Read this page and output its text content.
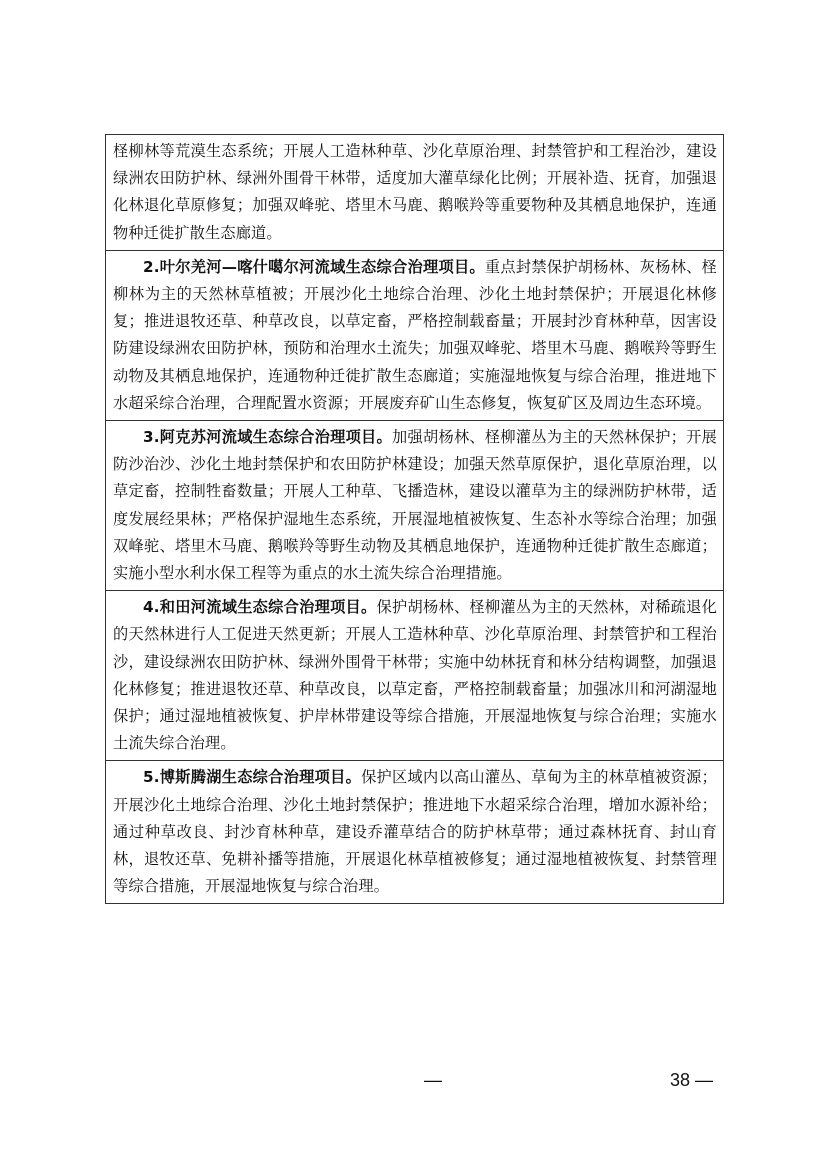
柽柳林等荒漠生态系统；开展人工造林种草、沙化草原治理、封禁管护和工程治沙，建设绿洲农田防护林、绿洲外围骨干林带，适度加大灌草绿化比例；开展补造、抚育，加强退化林退化草原修复；加强双峰驼、塔里木马鹿、鹅喉羚等重要物种及其栖息地保护，连通物种迁徙扩散生态廊道。
2.叶尔羌河—喀什噶尔河流域生态综合治理项目。重点封禁保护胡杨林、灰杨林、柽柳林为主的天然林草植被；开展沙化土地综合治理、沙化土地封禁保护；开展退化林修复；推进退牧还草、种草改良，以草定畜，严格控制载畜量；开展封沙育林种草，因害设防建设绿洲农田防护林，预防和治理水土流失；加强双峰驼、塔里木马鹿、鹅喉羚等野生动物及其栖息地保护，连通物种迁徙扩散生态廊道；实施湿地恢复与综合治理，推进地下水超采综合治理，合理配置水资源；开展废弃矿山生态修复，恢复矿区及周边生态环境。
3.阿克苏河流域生态综合治理项目。加强胡杨林、柽柳灌丛为主的天然林保护；开展防沙治沙、沙化土地封禁保护和农田防护林建设；加强天然草原保护，退化草原治理，以草定畜，控制牲畜数量；开展人工种草、飞播造林，建设以灌草为主的绿洲防护林带，适度发展经果林；严格保护湿地生态系统，开展湿地植被恢复、生态补水等综合治理；加强双峰驼、塔里木马鹿、鹅喉羚等野生动物及其栖息地保护，连通物种迁徙扩散生态廊道；实施小型水利水保工程等为重点的水土流失综合治理措施。
4.和田河流域生态综合治理项目。保护胡杨林、柽柳灌丛为主的天然林，对稀疏退化的天然林进行人工促进天然更新；开展人工造林种草、沙化草原治理、封禁管护和工程治沙，建设绿洲农田防护林、绿洲外围骨干林带；实施中幼林抚育和林分结构调整，加强退化林修复；推进退牧还草、种草改良，以草定畜，严格控制载畜量；加强冰川和河湖湿地保护；通过湿地植被恢复、护岸林带建设等综合措施，开展湿地恢复与综合治理；实施水土流失综合治理。
5.博斯腾湖生态综合治理项目。保护区域内以高山灌丛、草甸为主的林草植被资源；开展沙化土地综合治理、沙化土地封禁保护；推进地下水超采综合治理，增加水源补给；通过种草改良、封沙育林种草，建设乔灌草结合的防护林草带；通过森林抚育、封山育林，退牧还草、免耕补播等措施，开展退化林草植被修复；通过湿地植被恢复、封禁管理等综合措施，开展湿地恢复与综合治理。
—	38 —
